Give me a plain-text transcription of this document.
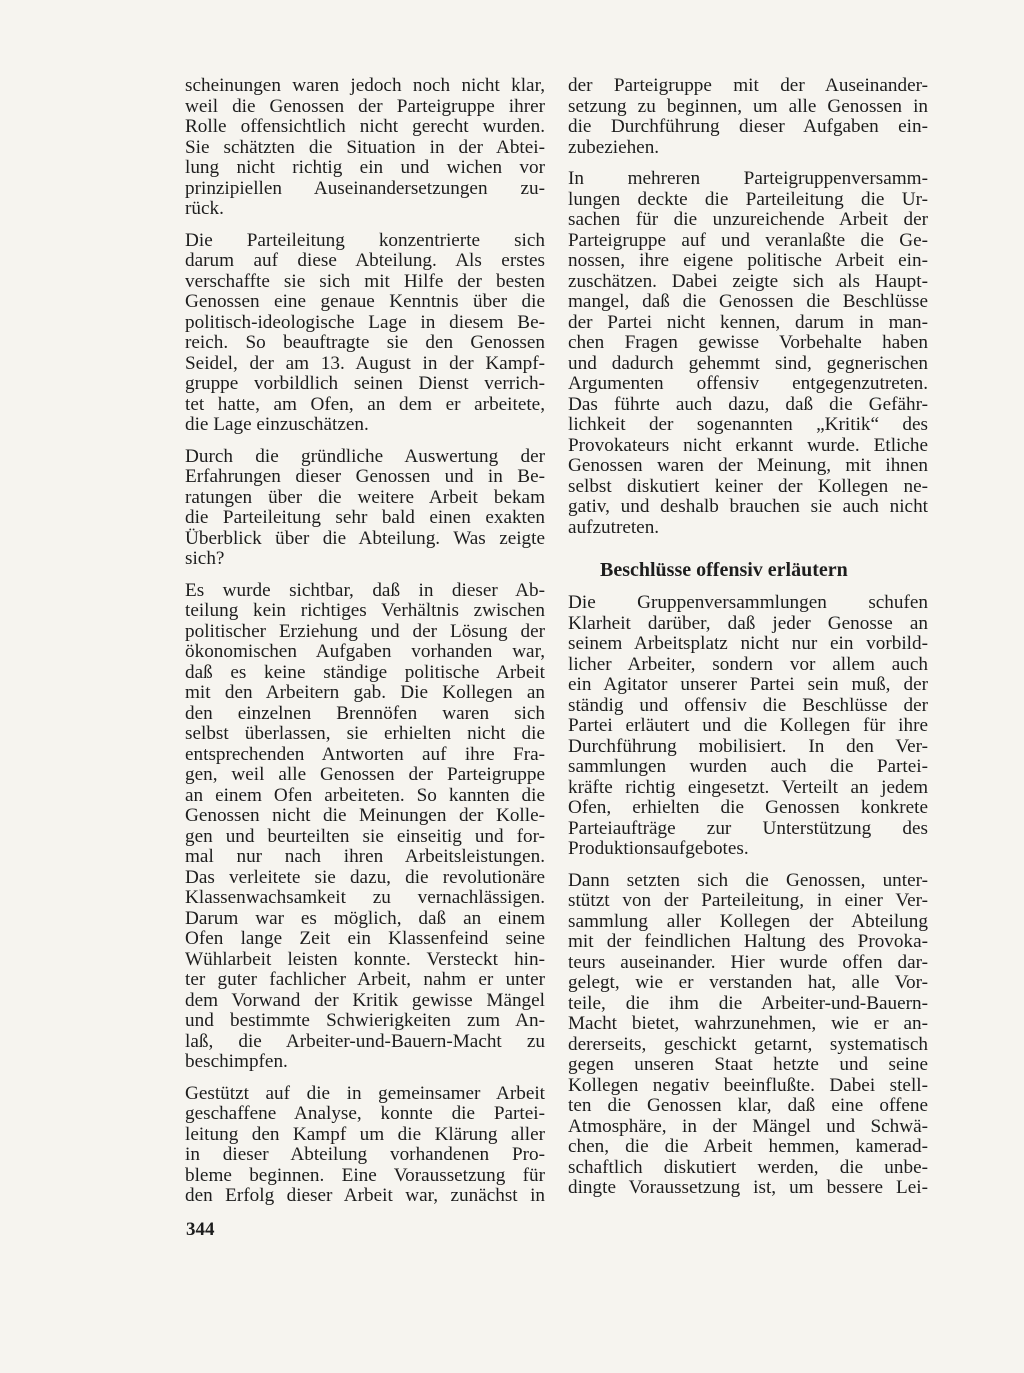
scheinungen waren jedoch noch nicht klar,
weil die Genossen der Parteigruppe ihrer
Rolle offensichtlich nicht gerecht wurden.
Sie schätzten die Situation in der Abtei-
lung nicht richtig ein und wichen vor
prinzipiellen Auseinandersetzungen zu-
rück.
Die Parteileitung konzentrierte sich
darum auf diese Abteilung. Als erstes
verschaffte sie sich mit Hilfe der besten
Genossen eine genaue Kenntnis über die
politisch-ideologische Lage in diesem Be-
reich. So beauftragte sie den Genossen
Seidel, der am 13. August in der Kampf-
gruppe vorbildlich seinen Dienst verrich-
tet hatte, am Ofen, an dem er arbeitete,
die Lage einzuschätzen.
Durch die gründliche Auswertung der
Erfahrungen dieser Genossen und in Be-
ratungen über die weitere Arbeit bekam
die Parteileitung sehr bald einen exakten
Überblick über die Abteilung. Was zeigte
sich?
Es wurde sichtbar, daß in dieser Ab-
teilung kein richtiges Verhältnis zwischen
politischer Erziehung und der Lösung der
ökonomischen Aufgaben vorhanden war,
daß es keine ständige politische Arbeit
mit den Arbeitern gab. Die Kollegen an
den einzelnen Brennöfen waren sich
selbst überlassen, sie erhielten nicht die
entsprechenden Antworten auf ihre Fra-
gen, weil alle Genossen der Parteigruppe
an einem Ofen arbeiteten. So kannten die
Genossen nicht die Meinungen der Kolle-
gen und beurteilten sie einseitig und for-
mal nur nach ihren Arbeitsleistungen.
Das verleitete sie dazu, die revolutionäre
Klassenwachsamkeit zu vernachlässigen.
Darum war es möglich, daß an einem
Ofen lange Zeit ein Klassenfeind seine
Wühlarbeit leisten konnte. Versteckt hin-
ter guter fachlicher Arbeit, nahm er unter
dem Vorwand der Kritik gewisse Mängel
und bestimmte Schwierigkeiten zum An-
laß, die Arbeiter-und-Bauern-Macht zu
beschimpfen.
Gestützt auf die in gemeinsamer Arbeit
geschaffene Analyse, konnte die Partei-
leitung den Kampf um die Klärung aller
in dieser Abteilung vorhandenen Pro-
bleme beginnen. Eine Voraussetzung für
den Erfolg dieser Arbeit war, zunächst in
der Parteigruppe mit der Auseinander-
setzung zu beginnen, um alle Genossen in
die Durchführung dieser Aufgaben ein-
zubeziehen.
In mehreren Parteigruppenversamm-
lungen deckte die Parteileitung die Ur-
sachen für die unzureichende Arbeit der
Parteigruppe auf und veranlaßte die Ge-
nossen, ihre eigene politische Arbeit ein-
zuschätzen. Dabei zeigte sich als Haupt-
mangel, daß die Genossen die Beschlüsse
der Partei nicht kennen, darum in man-
chen Fragen gewisse Vorbehalte haben
und dadurch gehemmt sind, gegnerischen
Argumenten offensiv entgegenzutreten.
Das führte auch dazu, daß die Gefähr-
lichkeit der sogenannten „Kritik“ des
Provokateurs nicht erkannt wurde. Etliche
Genossen waren der Meinung, mit ihnen
selbst diskutiert keiner der Kollegen ne-
gativ, und deshalb brauchen sie auch nicht
aufzutreten.
Beschlüsse offensiv erläutern
Die Gruppenversammlungen schufen
Klarheit darüber, daß jeder Genosse an
seinem Arbeitsplatz nicht nur ein vorbild-
licher Arbeiter, sondern vor allem auch
ein Agitator unserer Partei sein muß, der
ständig und offensiv die Beschlüsse der
Partei erläutert und die Kollegen für ihre
Durchführung mobilisiert. In den Ver-
sammlungen wurden auch die Partei-
kräfte richtig eingesetzt. Verteilt an jedem
Ofen, erhielten die Genossen konkrete
Parteiaufträge zur Unterstützung des
Produktionsaufgebotes.
Dann setzten sich die Genossen, unter-
stützt von der Parteileitung, in einer Ver-
sammlung aller Kollegen der Abteilung
mit der feindlichen Haltung des Provoka-
teurs auseinander. Hier wurde offen dar-
gelegt, wie er verstanden hat, alle Vor-
teile, die ihm die Arbeiter-und-Bauern-
Macht bietet, wahrzunehmen, wie er an-
dererseits, geschickt getarnt, systematisch
gegen unseren Staat hetzte und seine
Kollegen negativ beeinflußte. Dabei stell-
ten die Genossen klar, daß eine offene
Atmosphäre, in der Mängel und Schwä-
chen, die die Arbeit hemmen, kamerad-
schaftlich diskutiert werden, die unbe-
dingte Voraussetzung ist, um bessere Lei-
344
